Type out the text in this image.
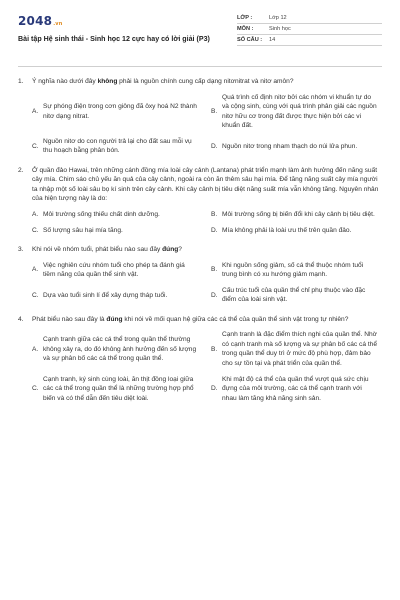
2048 .vn
Bài tập Hệ sinh thái - Sinh học 12 cực hay có lời giải (P3)
LỚP :	Lớp 12
MÔN :	Sinh học
SỐ CÂU :	14
1.	Ý nghĩa nào dưới đây không phải là nguồn chính cung cấp dạng nitơnitrat và nitơ amôn?
A.
Sự phóng điện trong cơn giông đã ôxy hoá N2 thành nitơ dạng nitrat.
B.
Quá trình cố định nitơ bởi các nhóm vi khuẩn tự do và cộng sinh, cùng với quá trình phân giải các nguồn nitơ hữu cơ trong đất được thực hiện bởi các vi khuẩn đất.
C.
Nguồn nitơ do con người trả lại cho đất sau mỗi vụ thu hoạch bằng phân bón.
D. Nguồn nitơ trong nham thạch do núi lửa phun.
2.	Ở quần đảo Hawai, trên những cánh đồng mía loài cây cảnh (Lantana) phát triển mạnh làm ảnh hưởng đến năng suất cây mía. Chim sáo chủ yếu ăn quả của cây cảnh, ngoài ra còn ăn thêm sâu hại mía. Để tăng năng suất cây mía người ta nhập một số loài sâu bọ kí sinh trên cây cảnh. Khi cây cảnh bị tiêu diệt năng suất mía vẫn không tăng. Nguyên nhân của hiện tượng này là do:
A. Môi trường sống thiếu chất dinh dưỡng.	B. Môi trường sống bị biến đổi khi cây cảnh bị tiêu diệt.
C. Số lượng sâu hại mía tăng.	D. Mía không phải là loài ưu thế trên quần đảo.
3.	Khi nói về nhóm tuổi, phát biểu nào sau đây đúng?
A.
Việc nghiên cứu nhóm tuổi cho phép ta đánh giá tiềm năng của quần thể sinh vật.
B.
Khi nguồn sống giảm, số cá thể thuộc nhóm tuổi trung bình có xu hướng giảm mạnh.
C. Dựa vào tuổi sinh lí để xây dựng tháp tuổi.	D.
Cấu trúc tuổi của quần thể chỉ phụ thuộc vào đặc điểm của loài sinh vật.
4.	Phát biểu nào sau đây là đúng khi nói về mối quan hệ giữa các cá thể của quần thể sinh vật trong tự nhiên?
A.
Cạnh tranh giữa các cá thể trong quần thể thường không xảy ra, do đó không ảnh hưởng đến số lượng và sự phân bố các cá thể trong quần thể.
B.
Cạnh tranh là đặc điểm thích nghi của quần thể. Nhờ có cạnh tranh mà số lượng và sự phân bố các cá thể trong quần thể duy trì ở mức độ phù hợp, đảm bảo cho sự tồn tại và phát triển của quần thể.
C.
Cạnh tranh, ký sinh cùng loài, ăn thịt đồng loại giữa các cá thể trong quần thể là những trường hợp phổ biến và có thể dẫn đến tiêu diệt loài.
D.
Khi mật độ cá thể của quần thể vượt quá sức chịu đựng của môi trường, các cá thể cạnh tranh với nhau làm tăng khả năng sinh sản.
